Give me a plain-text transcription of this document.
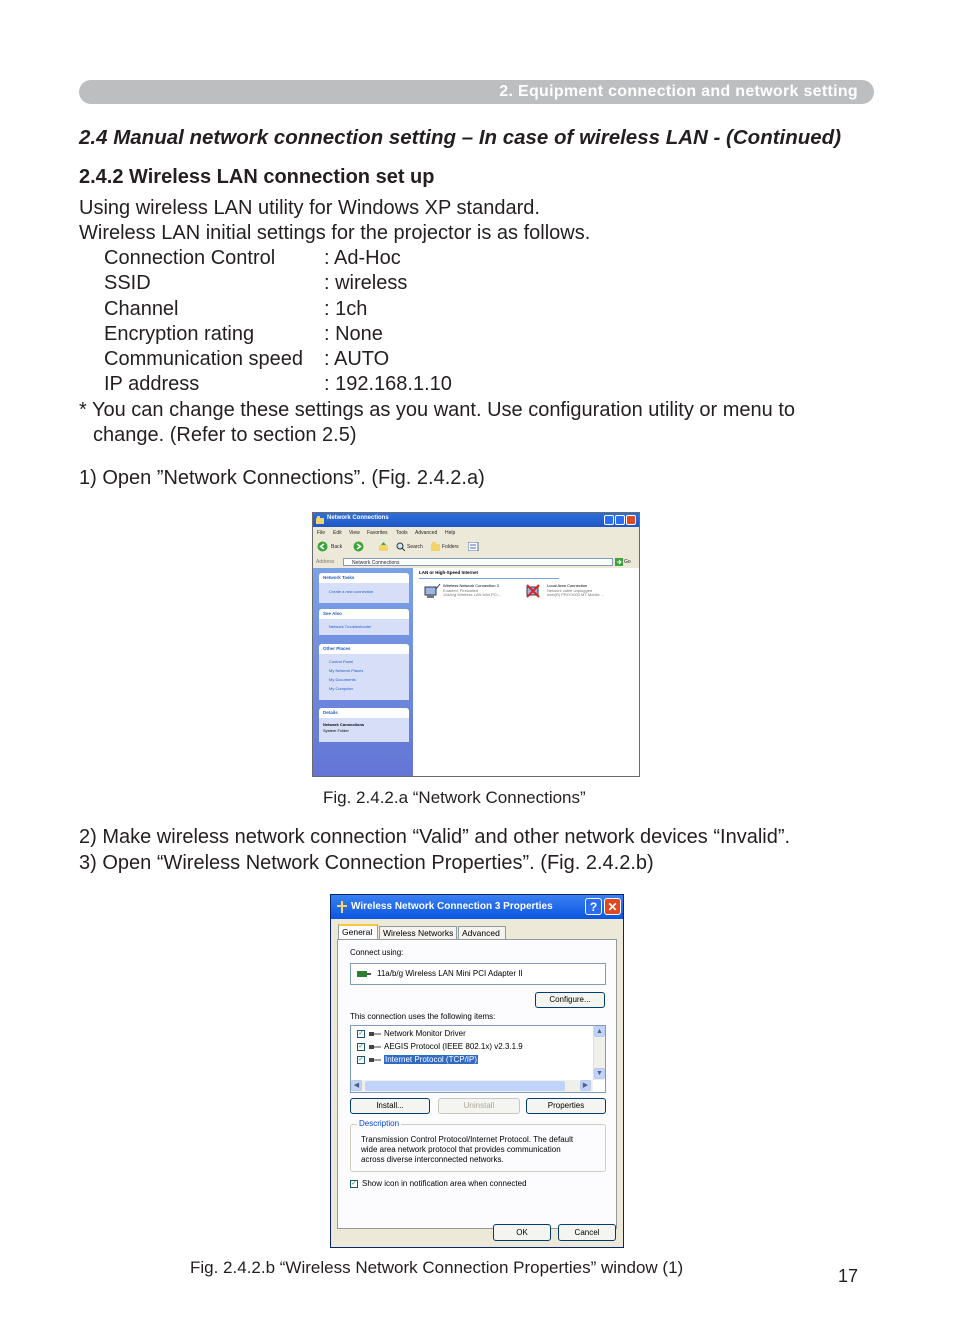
2. Equipment connection and network setting
2.4 Manual network connection setting – In case of wireless LAN - (Continued)
2.4.2 Wireless LAN connection set up
Using wireless LAN utility for Windows XP standard.
Wireless LAN initial settings for the projector is as follows.
Connection Control : Ad-Hoc
SSID	: wireless
Channel	: 1ch
Encryption rating	: None
Communication speed : AUTO
IP address	: 192.168.1.10
* You can change these settings as you want. Use configuration utility or menu to
change. (Refer to section 2.5)
1) Open ”Network Connections”. (Fig. 2.4.2.a)
Network Connections
File Edit View Favorites Tools Advanced Help
Back	Search	Folders
Address	Network Connections	Go
Network Tasks
Create a new connection
See Also
Network Troubleshooter
Other Places
Control Panel
My Network Places
My Documents
My Computer
Details
Network Connections
System Folder
LAN or High-Speed Internet
Wireless Network Connection 3
Enabled, Firewalled
11a/b/g Wireless LAN Mini PCI...
Local Area Connection
Network cable unplugged
Intel(R) PRO/1000 MT Mobile ...
Fig. 2.4.2.a “Network Connections”
2) Make wireless network connection “Valid” and other network devices “Invalid”.
3) Open “Wireless Network Connection Properties”. (Fig. 2.4.2.b)
Wireless Network Connection 3 Properties	? ✕
General	Wireless Networks	Advanced
Connect using:
11a/b/g Wireless LAN Mini PCI Adapter II
Configure...
This connection uses the following items:
✓	Network Monitor Driver
✓	AEGIS Protocol (IEEE 802.1x) v2.3.1.9
✓	Internet Protocol (TCP/IP)
▲
▼
◀	▶
Install...	Uninstall	Properties
Description
Transmission Control Protocol/Internet Protocol. The default
wide area network protocol that provides communication
across diverse interconnected networks.
✓ Show icon in notification area when connected
OK	Cancel
Fig. 2.4.2.b “Wireless Network Connection Properties” window (1)	17
